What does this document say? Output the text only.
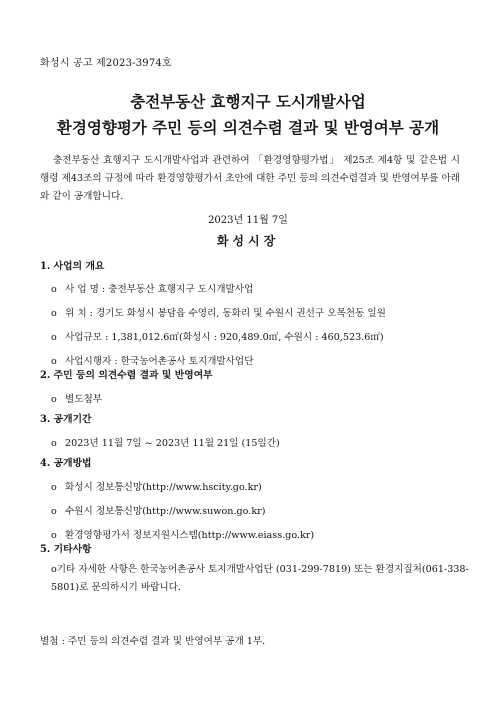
화성시 공고 제2023-3974호
충전부동산 효행지구 도시개발사업
환경영향평가 주민 등의 의견수렴 결과 및 반영여부 공개
충전부동산 효행지구 도시개발사업과 관련하여 「환경영향평가법」 제25조 제4항 및 같은법 시행령 제43조의 규정에 따라 환경영향평가서 초안에 대한 주민 등의 의견수렴결과 및 반영여부를 아래와 같이 공개합니다.
2023년 11월 7일
화성시장

1. 사업의 개요

o 사 업 명 : 충전부동산 효행지구 도시개발사업

o 위 치 : 경기도 화성시 봉담읍 수영리, 동화리 및 수원시 권선구 오목천동 일원

o 사업규모 : 1,381,012.6㎡(화성시 : 920,489.0㎡, 수원시 : 460,523.6㎡)

o 사업시행자 : 한국농어촌공사 토지개발사업단

2. 주민 등의 의견수렴 결과 및 반영여부

o 별도첨부

3. 공개기간

o 2023년 11월 7일 ~ 2023년 11월 21일 (15일간)

4. 공개방법

o 화성시 정보통신망(http://www.hscity.go.kr)

o 수원시 정보통신망(http://www.suwon.go.kr)

o 환경영향평가서 정보지원시스템(http://www.eiass.go.kr)

5. 기타사항

o기타 자세한 사항은 한국농어촌공사 토지개발사업단 (031-299-7819) 또는 환경지질처(061-338-5801)로 문의하시기 바랍니다.

별첨 : 주민 등의 의견수렴 결과 및 반영여부 공개 1부.
